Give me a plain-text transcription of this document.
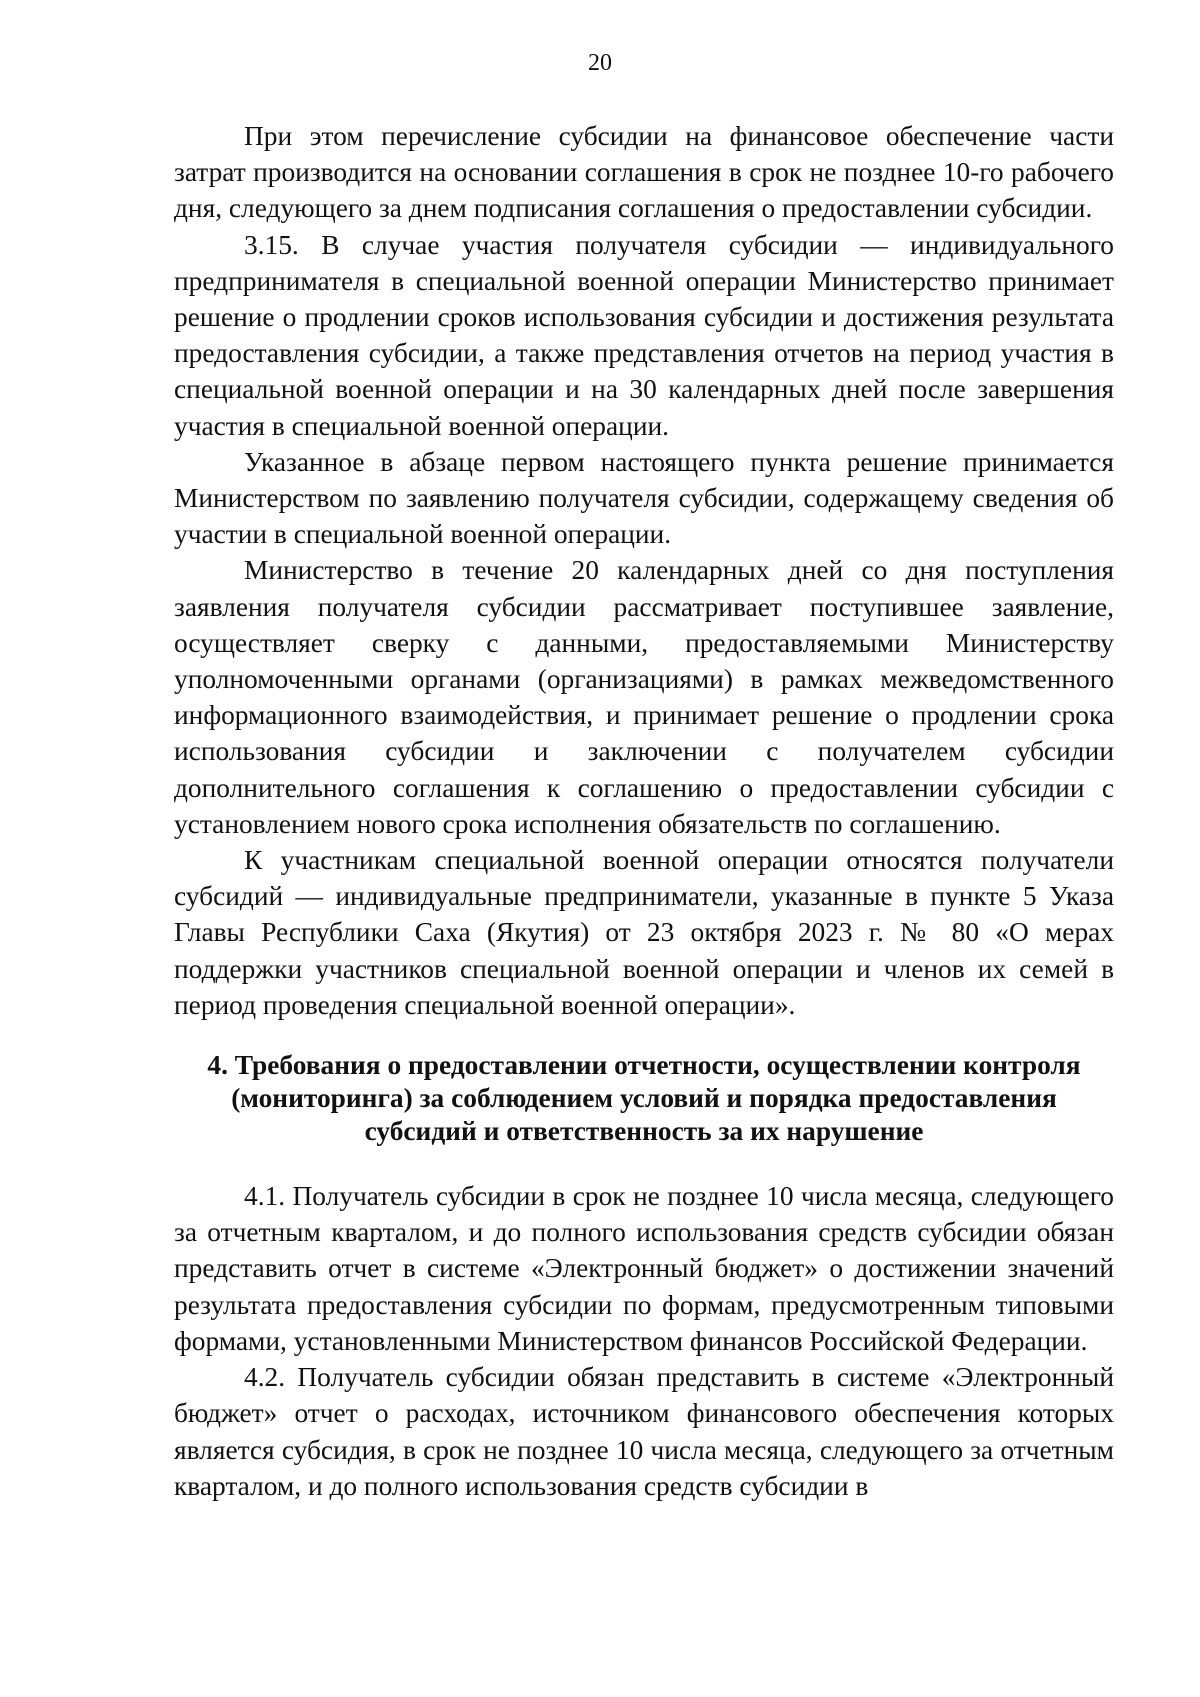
20

При этом перечисление субсидии на финансовое обеспечение части затрат производится на основании соглашения в срок не позднее 10-го рабочего дня, следующего за днем подписания соглашения о предоставлении субсидии.

3.15. В случае участия получателя субсидии — индивидуального предпринимателя в специальной военной операции Министерство принимает решение о продлении сроков использования субсидии и достижения результата предоставления субсидии, а также представления отчетов на период участия в специальной военной операции и на 30 календарных дней после завершения участия в специальной военной операции.

Указанное в абзаце первом настоящего пункта решение принимается Министерством по заявлению получателя субсидии, содержащему сведения об участии в специальной военной операции.

Министерство в течение 20 календарных дней со дня поступления заявления получателя субсидии рассматривает поступившее заявление, осуществляет сверку с данными, предоставляемыми Министерству уполномоченными органами (организациями) в рамках межведомственного информационного взаимодействия, и принимает решение о продлении срока использования субсидии и заключении с получателем субсидии дополнительного соглашения к соглашению о предоставлении субсидии с установлением нового срока исполнения обязательств по соглашению.

К участникам специальной военной операции относятся получатели субсидий — индивидуальные предприниматели, указанные в пункте 5 Указа Главы Республики Саха (Якутия) от 23 октября 2023 г. № 80 «О мерах поддержки участников специальной военной операции и членов их семей в период проведения специальной военной операции».

4. Требования о предоставлении отчетности, осуществлении контроля (мониторинга) за соблюдением условий и порядка предоставления субсидий и ответственность за их нарушение

4.1. Получатель субсидии в срок не позднее 10 числа месяца, следующего за отчетным кварталом, и до полного использования средств субсидии обязан представить отчет в системе «Электронный бюджет» о достижении значений результата предоставления субсидии по формам, предусмотренным типовыми формами, установленными Министерством финансов Российской Федерации.

4.2. Получатель субсидии обязан представить в системе «Электронный бюджет» отчет о расходах, источником финансового обеспечения которых является субсидия, в срок не позднее 10 числа месяца, следующего за отчетным кварталом, и до полного использования средств субсидии в
